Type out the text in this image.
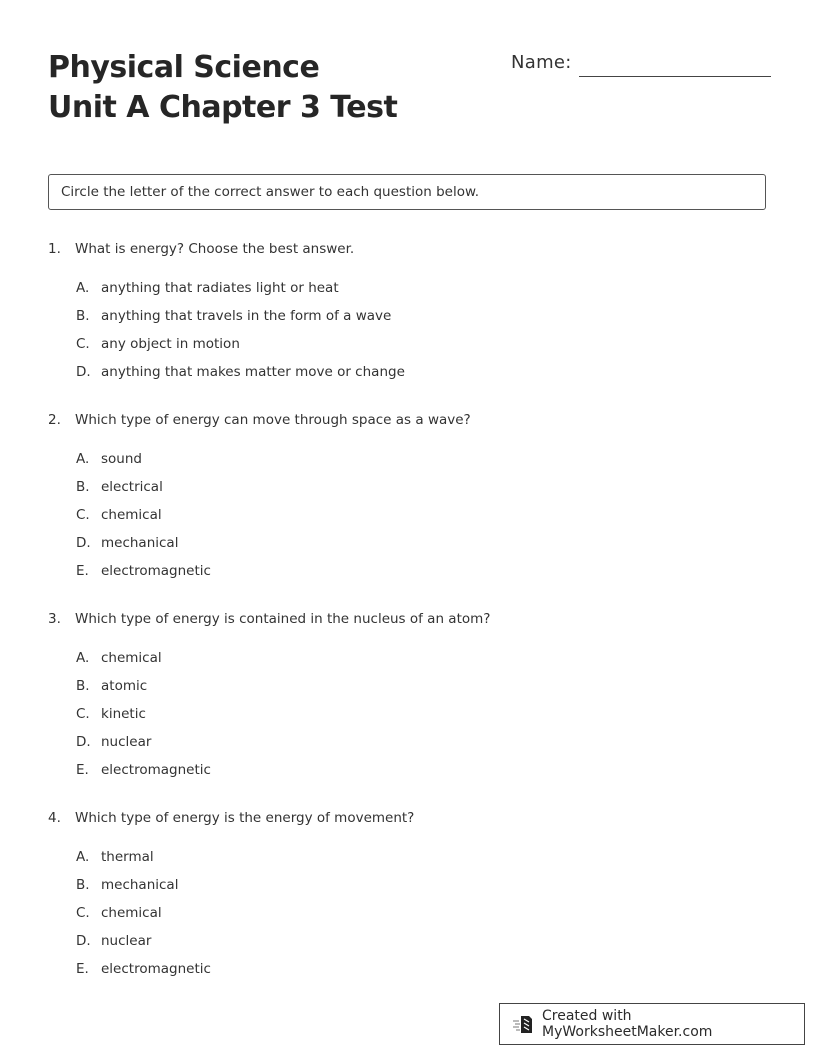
Physical Science
Unit A Chapter 3 Test
Name:
Circle the letter of the correct answer to each question below.
1.	What is energy? Choose the best answer.
A. anything that radiates light or heat
B. anything that travels in the form of a wave
C. any object in motion
D. anything that makes matter move or change
2.	Which type of energy can move through space as a wave?
A. sound
B. electrical
C. chemical
D. mechanical
E. electromagnetic
3.	Which type of energy is contained in the nucleus of an atom?
A. chemical
B. atomic
C. kinetic
D. nuclear
E. electromagnetic
4.	Which type of energy is the energy of movement?
A. thermal
B. mechanical
C. chemical
D. nuclear
E. electromagnetic
Created with MyWorksheetMaker.com
